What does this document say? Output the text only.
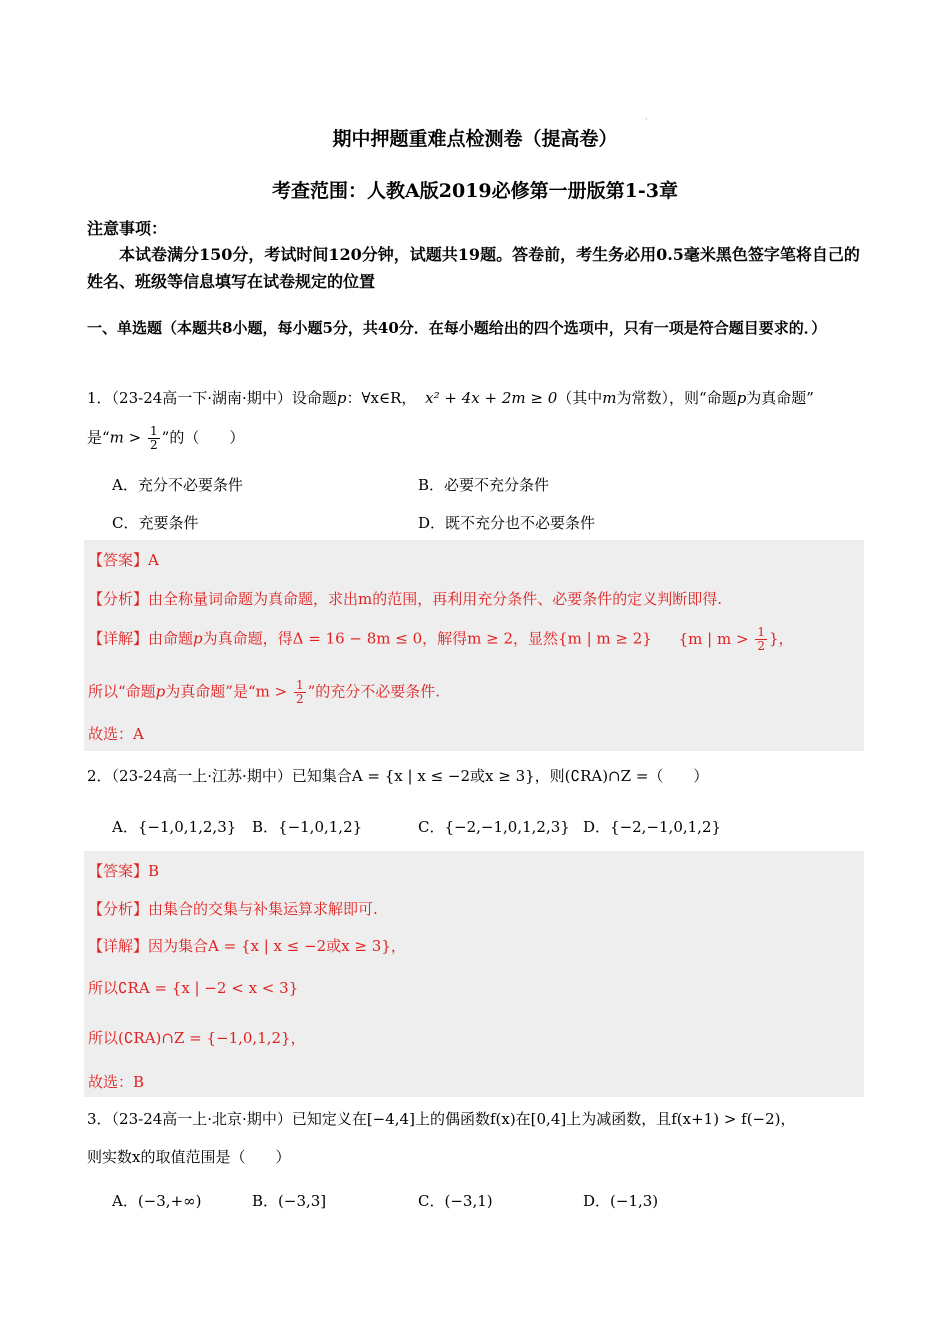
·
期中押题重难点检测卷（提高卷）
考查范围：人教A版2019必修第一册版第1-3章
注意事项：
本试卷满分150分，考试时间120分钟，试题共19题。答卷前，考生务必用0.5毫米黑色签字笔将自己的姓名、班级等信息填写在试卷规定的位置
一、单选题（本题共8小题，每小题5分，共40分．在每小题给出的四个选项中，只有一项是符合题目要求的．）
1．（23-24高一下·湖南·期中）设命题p：∀x∈R， x² + 4x + 2m ≥ 0（其中m为常数），则“命题p为真命题”
是“$m > \frac{1}{2}$ ”的（　　）
A．充分不必要条件	B．必要不充分条件
C．充要条件	D．既不充分也不必要条件
【答案】A
【分析】由全称量词命题为真命题，求出m的范围，再利用充分条件、必要条件的定义判断即得.
【详解】由命题p为真命题，得Δ = 16 − 8m ≤ 0，解得m ≥ 2，显然{m | m ≥ 2} {m | $m > \frac{1}{2}$ }，
所以“命题p为真命题”是“$m > \frac{1}{2}$ ”的充分不必要条件.
故选：A
2．（23-24高一上·江苏·期中）已知集合A = {x | x ≤ −2或x ≥ 3}，则(∁RA)∩Z =（　　）
A．{−1,0,1,2,3} B．{−1,0,1,2}	C．{−2,−1,0,1,2,3} D．{−2,−1,0,1,2}
【答案】B
【分析】由集合的交集与补集运算求解即可.
【详解】因为集合A = {x | x ≤ −2或x ≥ 3}，
所以∁RA = {x | −2 < x < 3}
所以(∁RA)∩Z = {−1,0,1,2}，
故选：B
3．（23-24高一上·北京·期中）已知定义在[−4,4]上的偶函数f(x)在[0,4]上为减函数，且f(x+1) > f(−2)，
则实数x的取值范围是（　　）
A．(−3,+∞)	B．(−3,3]	C．(−3,1)	D．(−1,3)
